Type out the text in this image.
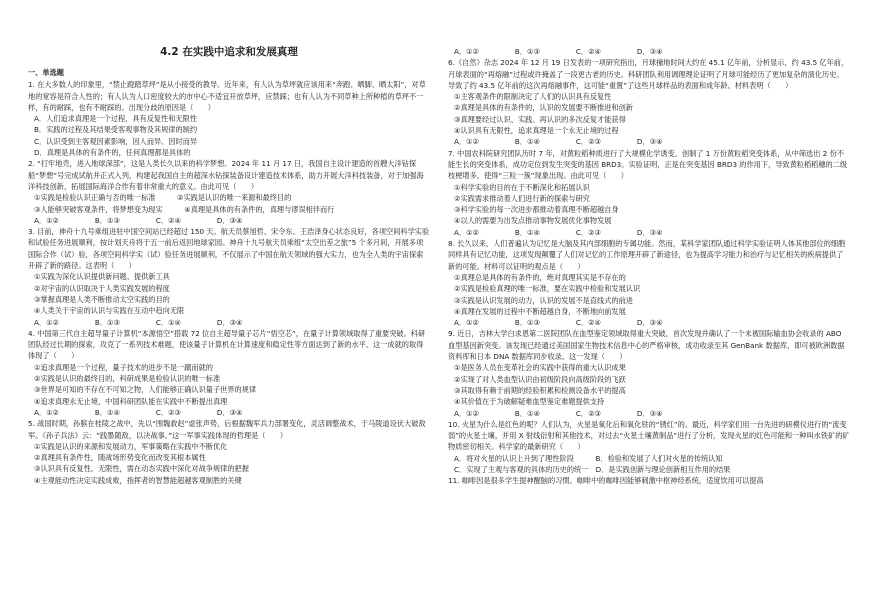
4.2 在实践中追求和发展真理
一、单选题

1. 在大多数人的印象里，“禁止蹬踏草坪”是从小接受的教导。近年来，有人认为草坪就应该用来“奔跑、晒脚、晒太阳”，对草地的宽容是符合人性的；有人认为人口密度较大的市中心不适宜开放草坪，应禁踩；也有人认为不同草种上所种植的草坪不一样，有的耐踩，也有不耐踩的。出现分歧的原因是（　　）

A．人们追求真理是一个过程，具有反复性和无限性

B．实践的过程及其结果受客观事物及其规律的制约

C．认识受到主客观因素影响，因人而异、因时而异

D．真理是具体的有条件的，任何真理都是具体的

2. “打牢地壳，进入地球深部”，这是人类长久以来的科学梦想。2024 年 11 月 17 日，我国自主设计建造的首艘大洋钻探船“梦想”号完成试航并正式入列，构建起我国自主的超深水钻探装备设计建造技术体系，助力开展大洋科技装备，对于加强海洋科技创新，拓展国际海洋合作有着非常重大的意义。由此可见（　　）

①实践是检验认识正确与否的唯一标准　　　②实践是认识的唯一来源和最终目的

③人能够突破客观条件，将梦想变为现实　　　④真理是具体的有条件的，真理与谬误相伴而行

A．①②　　　　　B．①③　　　　　C．②④　　　　　D．③④

3. 目前，神舟十九号乘组进驻中国空间站已经超过 150 天。航天员蔡旭哲、宋令东、王浩泽身心状态良好，各项空间科学实验和试验任务进展顺利，按计划天舟将于五一前后返回地球家园。神舟十九号航天员乘组“太空出差之旅”5 个多月间，开展多项国际合作（试）验，各项空间科学实（试）验任务进展顺利，不仅展示了中国在航天领域的强大实力，也为全人类的宇宙探索开辟了新的路径。这表明（　　）

①实践为深化认识提供新问题、提供新工具

②对宇宙的认识取决于人类实践发展的程度

③掌握真理是人类不断推动太空实践的目的

④人类关于宇宙的认识与实践在互动中趋向无限

A．①②　　　　　B．①③　　　　　C．①④　　　　　D．③④

4. 中国第三代自主超导量子计算机“本源悟空”搭载 72 位自主超导量子芯片“悟空芯”，在量子计算领域取得了重要突破。科研团队经过长期的探索，攻克了一系列技术难题，使该量子计算机在计算速度和稳定性等方面达到了新的水平。这一成就的取得体现了（　　）

①追求真理是一个过程，量子技术的进步不是一蹴而就的

②实践是认识的最终目的，科研成果是检验认识的唯一标准

③世界是可知的不存在不可知之物，人们能够正确认识量子世界的规律

④追求真理永无止境，中国科研团队能在实践中不断提出真理

A．①②　　　　　B．①④　　　　　C．②③　　　　　D．③④

5. 战国时期，孙膑在桂陵之战中，先以“围魏救赵”虚张声势，后根据魏军兵力部署变化，灵活调整战术，于马陵道设伏大破敌军。《孙子兵法》云：“践墨随敌，以决战事。”这一军事实践体现的哲理是（　　）

①实践是认识的来源和发展动力，军事策略在实践中不断优化

②真理具有条件性，随战场形势变化而改变其根本属性

③认识具有反复性、无限性，需在动态实践中深化对战争规律的把握

④主观能动性决定实践成败，指挥者的智慧能超越客观制胜的关键

A．①②　　　　　B．①③　　　　　C．②④　　　　　D．③④

6.《自然》杂志 2024 年 12 月 19 日发表的一项研究指出，月球撞地时间大约在 45.1 亿年前，分析显示，约 43.5 亿年前，月球表面的“再熔融”过程或许掩盖了一段更古老的历史。科研团队利用调理理论证明了月球可能经历了更加复杂的演化历史。导致了约 43.5 亿年前的这次再熔融事件，这可能“重置”了这些月球样品的表面和成年龄。材料表明（　　）

①主客观条件的限制决定了人们的认识具有反复性

②真理是具体的有条件的，认识的发展要不断推进和创新

③真理要经过认识、实践、再认识的多次反复才能获得

④认识具有无限性，追求真理是一个永无止境的过程

A．①②　　　　　B．①④　　　　　C．②③　　　　　D．③④

7. 中国农科院研究团队历时 7 年，对黄粒稻种质进行了大规模化学诱变，创制了 1 万份黄粒稻突变体系，从中筛选出 2 份不能生长的突变体系，成功定位到发生突变的基因 BRD3。实验证明，正是在突变基因 BRD3 的作用下，导致黄粒稻稻穗的二级枝梗增多，使得“三粒一簇”现象出现。由此可见（　　）

①科学实验的目的在于不断深化和拓展认识

②实践需求推动着人们进行新的探索与研究

③科学实验的每一次进步都推动着真理不断超越自身

④以人的需要为出发点推动事物发展优化事物发展

A．①②　　　　　B．①④　　　　　C．②③　　　　　D．③④

8. 长久以来，人们普遍认为记忆是大脑及其内部细胞的专属功能。然而，某科学家团队通过科学实验证明人体其他部位的细胞同样具有记忆功能，这项发现颠覆了人们对记忆的工作原理开辟了新途径，也为提高学习能力和治疗与记忆相关的疾病提供了新的可能。材料可以证明的观点是（　　）

①真理总是具体的有条件的，绝对真理其实是不存在的

②实践是检验真理的唯一标准，要在实践中检验和发展认识

③实践是认识发展的动力，认识的发展不是直线式的前进

④真理在发展的过程中不断超越自身，不断地向前发展

A．①②　　　　　B．①③　　　　　C．②④　　　　　D．③④

9. 近日，吉林大学白求恩第二医院团队在血型鉴定领域取得重大突破，首次发现并确认了一个未被国际输血协会收录的 ABO 血型基因新突变。该发现已经通过美国国家生物技术信息中心的严格审核，成功收录至其 GenBank 数据库，即可被欧洲数据资料库和日本 DNA 数据库同步收录。这一发现（　　）

①是医务人员在变革社会的实践中获得的重大认识成果

②实现了对人类血型认识由初级阶段向高级阶段的飞跃

③其取得有赖于前期的经验积累和检测设备水平的提高

④其价值在于为破解疑难血型鉴定难题提供支持

A．①②　　　　　B．①④　　　　　C．②③　　　　　D．③④

10. 火星为什么是红色的呢？人们认为，火星是氧化后和氧化铁的“锈红”的。最近，科学家们用一台先进的研模仪进行的“流变弱”的火星土壤，并用 X 射线衍射和其他技术，对过去“火星土壤黄制品”进行了分析，发现火星的红色可能和一种叫水铁矿的矿物质密切相关。科学家的最新研究（　　）

A．将对火星的认识上升到了理性阶段　　　B．检验和发展了人们对火星的传统认知

C．实现了主观与客观的具体的历史的统一　D．是实践创新与理论创新相互作用的结果

11. 咖啡因是很多学生提神醒脑的习惯。咖啡中的咖啡因能够刺激中枢神经系统，适度饮用可以提高
